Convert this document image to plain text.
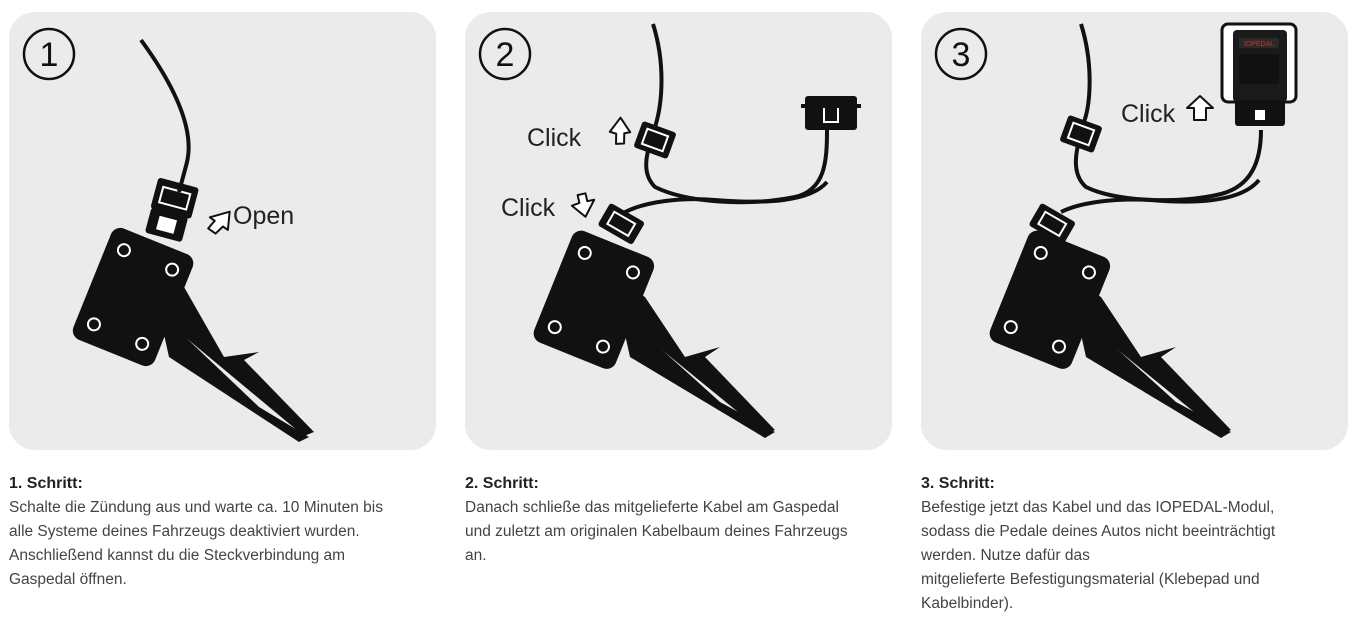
1
Open
2
Click
Click
3	IOPEDAL
Click

1. Schritt:

Schalte die Zündung aus und warte ca. 10 Minuten bis
alle Systeme deines Fahrzeugs deaktiviert wurden.
Anschließend kannst du die Steckverbindung am
Gaspedal öffnen.

2. Schritt:

Danach schließe das mitgelieferte Kabel am Gaspedal
und zuletzt am originalen Kabelbaum deines Fahrzeugs
an.

3. Schritt:

Befestige jetzt das Kabel und das IOPEDAL-Modul,
sodass die Pedale deines Autos nicht beeinträchtigt
werden. Nutze dafür das
mitgelieferte Befestigungsmaterial (Klebepad und
Kabelbinder).
